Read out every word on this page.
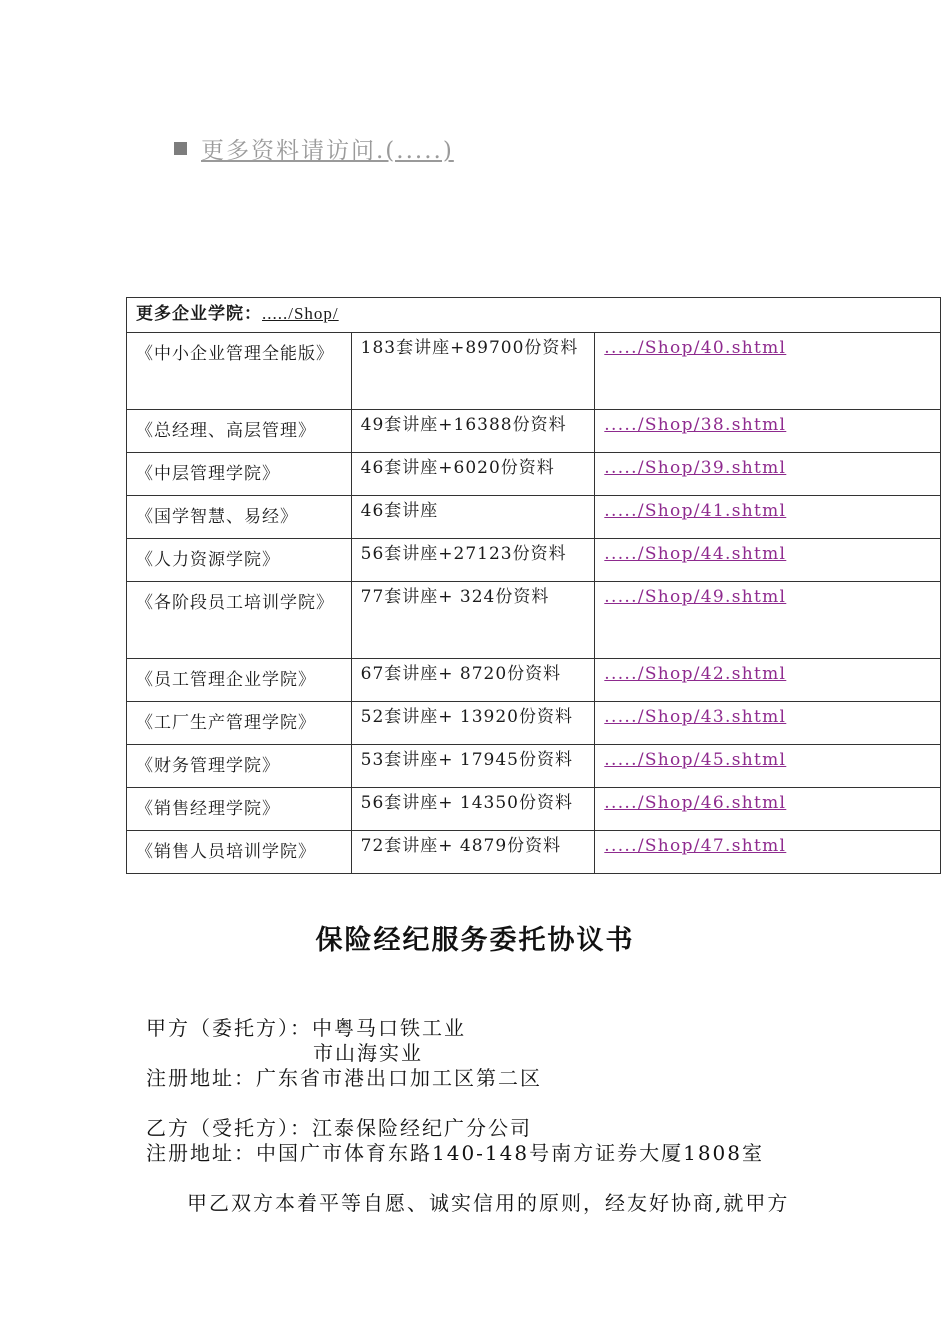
更多资料请访问.(.....)
更多企业学院：...../Shop/		
《中小企业管理全能版》	183套讲座+89700份资料	...../Shop/40.shtml
《总经理、高层管理》	49套讲座+16388份资料	...../Shop/38.shtml
《中层管理学院》	46套讲座+6020份资料	...../Shop/39.shtml
《国学智慧、易经》	46套讲座	...../Shop/41.shtml
《人力资源学院》	56套讲座+27123份资料	...../Shop/44.shtml
《各阶段员工培训学院》	77套讲座+ 324份资料	...../Shop/49.shtml
《员工管理企业学院》	67套讲座+ 8720份资料	...../Shop/42.shtml
《工厂生产管理学院》	52套讲座+ 13920份资料	...../Shop/43.shtml
《财务管理学院》	53套讲座+ 17945份资料	...../Shop/45.shtml
《销售经理学院》	56套讲座+ 14350份资料	...../Shop/46.shtml
《销售人员培训学院》	72套讲座+ 4879份资料	...../Shop/47.shtml
保险经纪服务委托协议书
甲方（委托方）：中粤马口铁工业
市山海实业
注册地址：广东省市港出口加工区第二区
乙方（受托方）：江泰保险经纪广分公司
注册地址：中国广市体育东路140-148号南方证券大厦1808室
甲乙双方本着平等自愿、诚实信用的原则，经友好协商,就甲方
